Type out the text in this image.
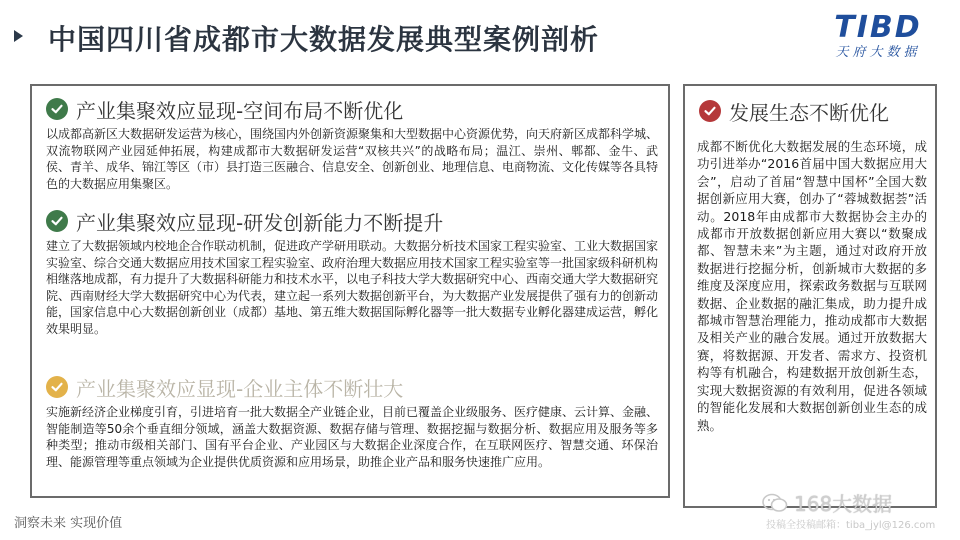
中国四川省成都市大数据发展典型案例剖析	TIBD
天府大数据
产业集聚效应显现-空间布局不断优化
以成都高新区大数据研发运营为核心，围绕国内外创新资源聚集和大型数据中心资源优势，向天府新区成都科学城、双流物联网产业园延伸拓展，构建成都市大数据研发运营“双核共兴”的战略布局；温江、崇州、郫都、金牛、武侯、青羊、成华、锦江等区（市）县打造三医融合、信息安全、创新创业、地理信息、电商物流、文化传媒等各具特色的大数据应用集聚区。
产业集聚效应显现-研发创新能力不断提升
建立了大数据领域内校地企合作联动机制，促进政产学研用联动。大数据分析技术国家工程实验室、工业大数据国家实验室、综合交通大数据应用技术国家工程实验室、政府治理大数据应用技术国家工程实验室等一批国家级科研机构相继落地成都，有力提升了大数据科研能力和技术水平，以电子科技大学大数据研究中心、西南交通大学大数据研究院、西南财经大学大数据研究中心为代表，建立起一系列大数据创新平台，为大数据产业发展提供了强有力的创新动能，国家信息中心大数据创新创业（成都）基地、第五维大数据国际孵化器等一批大数据专业孵化器建成运营，孵化效果明显。
产业集聚效应显现-企业主体不断壮大
实施新经济企业梯度引育，引进培育一批大数据全产业链企业，目前已覆盖企业级服务、医疗健康、云计算、金融、智能制造等50余个垂直细分领域，涵盖大数据资源、数据存储与管理、数据挖掘与数据分析、数据应用及服务等多种类型；推动市级相关部门、国有平台企业、产业园区与大数据企业深度合作，在互联网医疗、智慧交通、环保治理、能源管理等重点领域为企业提供优质资源和应用场景，助推企业产品和服务快速推广应用。
发展生态不断优化
成都不断优化大数据发展的生态环境，成功引进举办“2016首届中国大数据应用大会”，启动了首届“智慧中国杯”全国大数据创新应用大赛，创办了“蓉城数据荟”活动。2018年由成都市大数据协会主办的成都市开放数据创新应用大赛以“数聚成都、智慧未来”为主题，通过对政府开放数据进行挖掘分析，创新城市大数据的多维度及深度应用，探索政务数据与互联网数据、企业数据的融汇集成，助力提升成都城市智慧治理能力，推动成都市大数据及相关产业的融合发展。通过开放数据大赛，将数据源、开发者、需求方、投资机构等有机融合，构建数据开放创新生态，实现大数据资源的有效利用，促进各领域的智能化发展和大数据创新创业生态的成熟。
洞察未来 实现价值
168大数据
投稿全投稿邮箱：tiba_jyl@126.com
